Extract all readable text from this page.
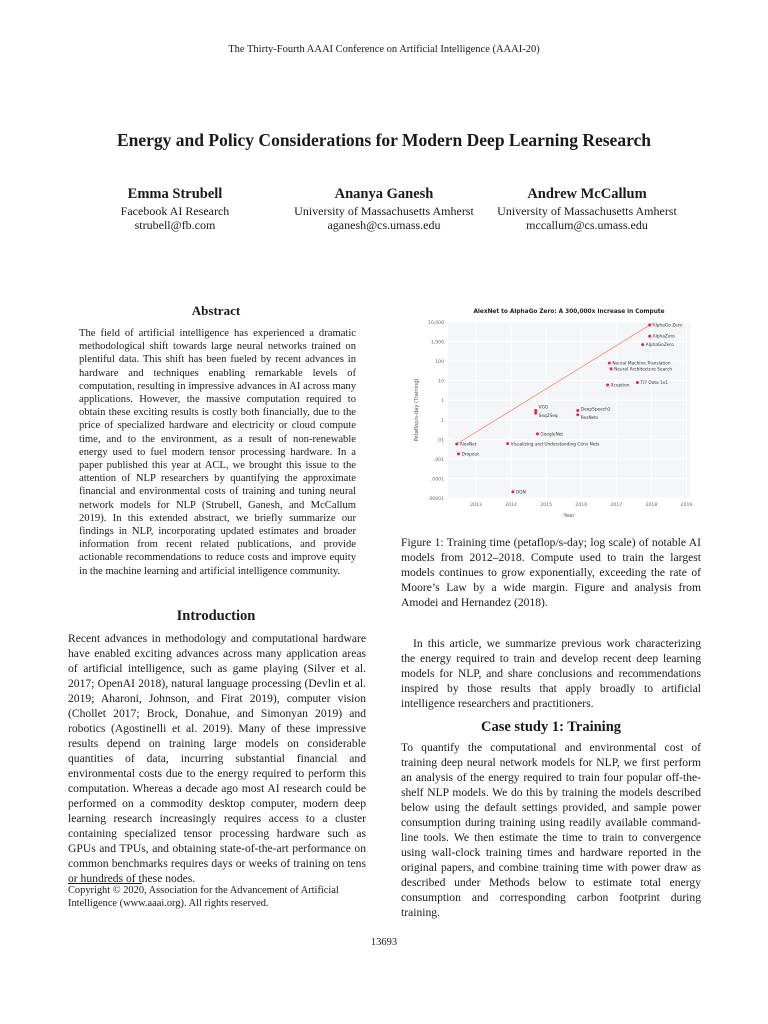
The Thirty-Fourth AAAI Conference on Artificial Intelligence (AAAI-20)
Energy and Policy Considerations for Modern Deep Learning Research
Emma Strubell
Facebook AI Research
strubell@fb.com
Ananya Ganesh
University of Massachusetts Amherst
aganesh@cs.umass.edu
Andrew McCallum
University of Massachusetts Amherst
mccallum@cs.umass.edu
Abstract
The field of artificial intelligence has experienced a dramatic methodological shift towards large neural networks trained on plentiful data. This shift has been fueled by recent advances in hardware and techniques enabling remarkable levels of computation, resulting in impressive advances in AI across many applications. However, the massive computation required to obtain these exciting results is costly both financially, due to the price of specialized hardware and electricity or cloud compute time, and to the environment, as a result of non-renewable energy used to fuel modern tensor processing hardware. In a paper published this year at ACL, we brought this issue to the attention of NLP researchers by quantifying the approximate financial and environmental costs of training and tuning neural network models for NLP (Strubell, Ganesh, and McCallum 2019). In this extended abstract, we briefly summarize our findings in NLP, incorporating updated estimates and broader information from recent related publications, and provide actionable recommendations to reduce costs and improve equity in the machine learning and artificial intelligence community.
Introduction
Recent advances in methodology and computational hardware have enabled exciting advances across many application areas of artificial intelligence, such as game playing (Silver et al. 2017; OpenAI 2018), natural language processing (Devlin et al. 2019; Aharoni, Johnson, and Firat 2019), computer vision (Chollet 2017; Brock, Donahue, and Simonyan 2019) and robotics (Agostinelli et al. 2019). Many of these impressive results depend on training large models on considerable quantities of data, incurring substantial financial and environmental costs due to the energy required to perform this computation. Whereas a decade ago most AI research could be performed on a commodity desktop computer, modern deep learning research increasingly requires access to a cluster containing specialized tensor processing hardware such as GPUs and TPUs, and obtaining state-of-the-art performance on common benchmarks requires days or weeks of training on tens or hundreds of these nodes.
.00001
.0001
.001
.01
.1
1
10
100
1,000
10,000
2013	2014	2015	2016	2017	2018	2019
AlexNet to AlphaGo Zero: A 300,000x Increase in Compute
Year
Petaflop/s-day (Training)
AlexNet
Dropout
Visualizing and Understanding Conv Nets
DQN
Seq2Seq
VGG
GoogleNet
DeepSpeech2
ResNets
Xception
Neural Machine Translation
Neural Architecture Search
TI7 Dota 1v1
AlphaGoZero
AlphaZero
AlphaGo Zero
Figure 1: Training time (petaflop/s-day; log scale) of notable AI models from 2012–2018. Compute used to train the largest models continues to grow exponentially, exceeding the rate of Moore’s Law by a wide margin. Figure and analysis from Amodei and Hernandez (2018).
In this article, we summarize previous work characterizing the energy required to train and develop recent deep learning models for NLP, and share conclusions and recommendations inspired by those results that apply broadly to artificial intelligence researchers and practitioners.
Case study 1: Training
To quantify the computational and environmental cost of training deep neural network models for NLP, we first perform an analysis of the energy required to train four popular off-the-shelf NLP models. We do this by training the models described below using the default settings provided, and sample power consumption during training using readily available command-line tools. We then estimate the time to train to convergence using wall-clock training times and hardware reported in the original papers, and combine training time with power draw as described under Methods below to estimate total energy consumption and corresponding carbon footprint during training.
Copyright © 2020, Association for the Advancement of Artificial Intelligence (www.aaai.org). All rights reserved.
13693
